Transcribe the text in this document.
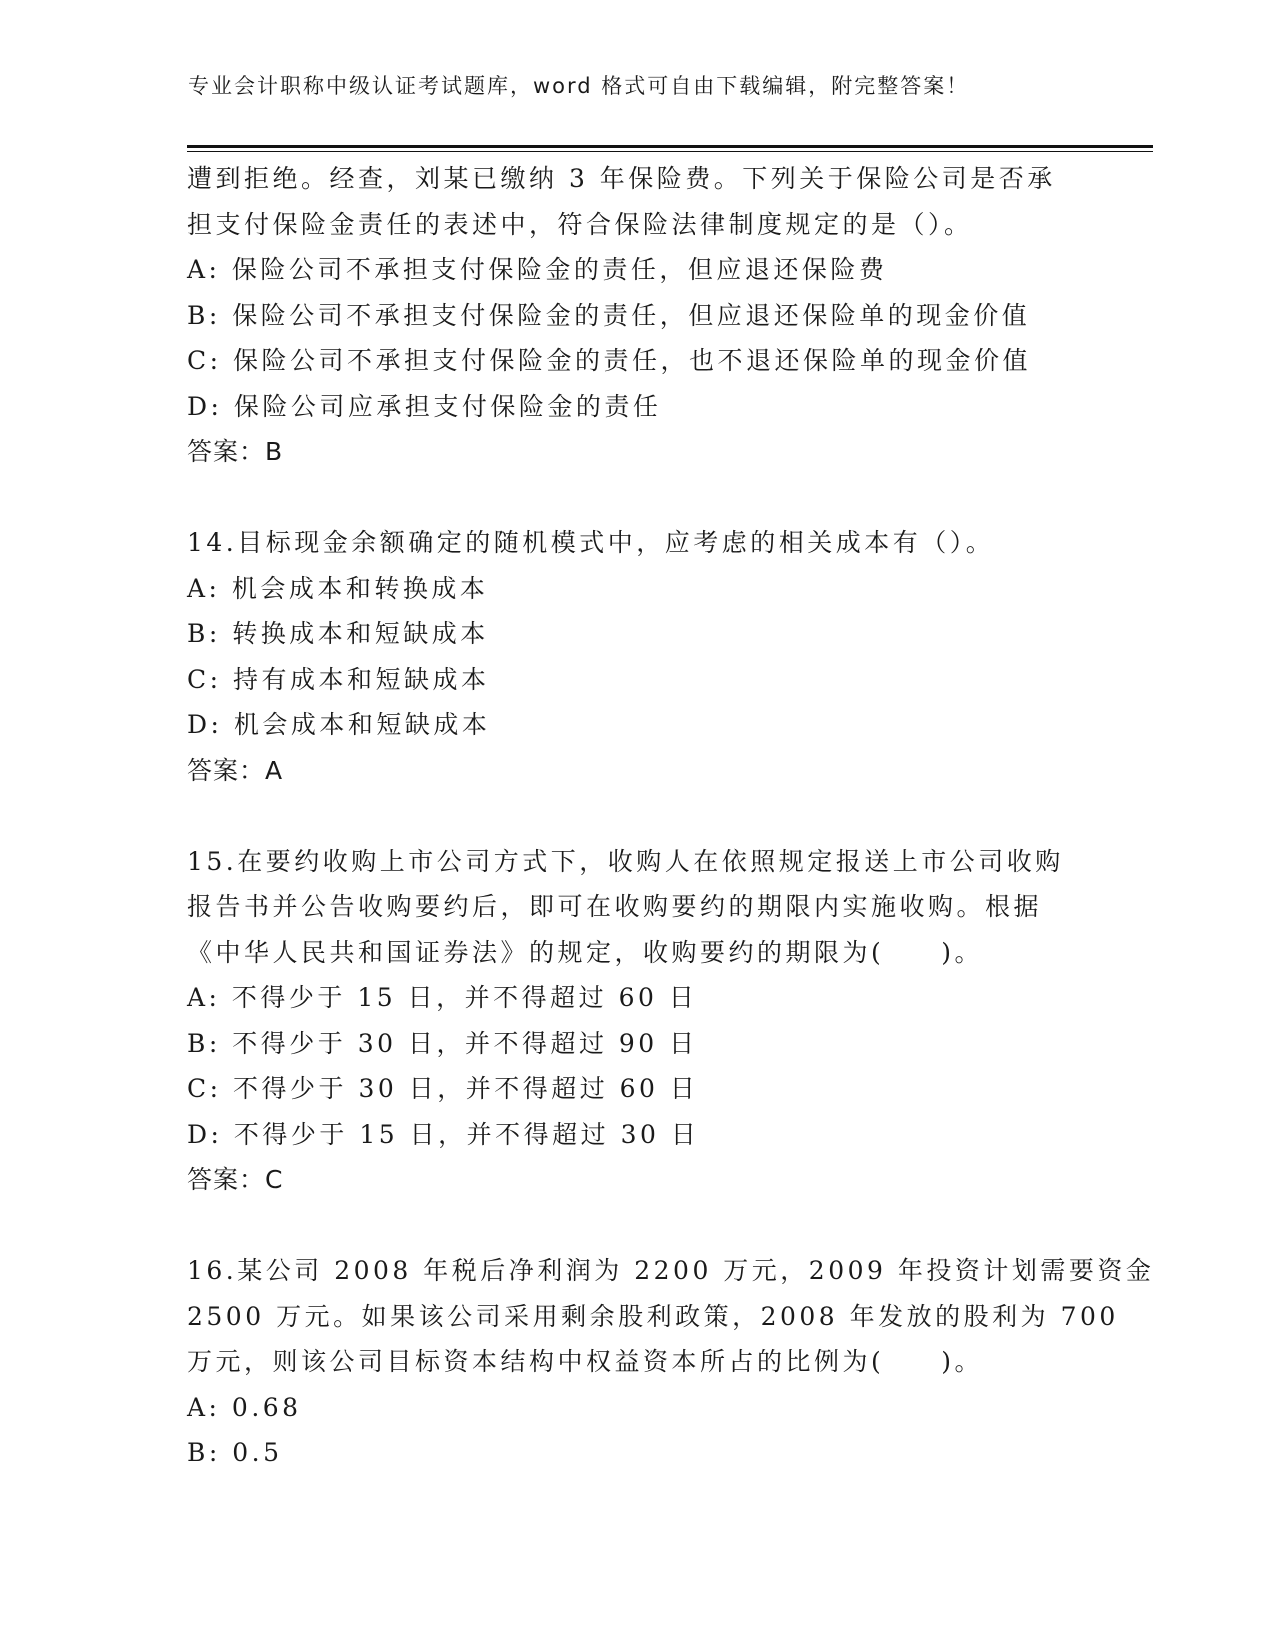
专业会计职称中级认证考试题库，word 格式可自由下载编辑，附完整答案！
遭到拒绝。经查，刘某已缴纳 3 年保险费。下列关于保险公司是否承
担支付保险金责任的表述中，符合保险法律制度规定的是（）。
A: 保险公司不承担支付保险金的责任，但应退还保险费
B: 保险公司不承担支付保险金的责任，但应退还保险单的现金价值
C: 保险公司不承担支付保险金的责任，也不退还保险单的现金价值
D: 保险公司应承担支付保险金的责任
答案：B
14.目标现金余额确定的随机模式中，应考虑的相关成本有（）。
A: 机会成本和转换成本
B: 转换成本和短缺成本
C: 持有成本和短缺成本
D: 机会成本和短缺成本
答案：A
15.在要约收购上市公司方式下，收购人在依照规定报送上市公司收购
报告书并公告收购要约后，即可在收购要约的期限内实施收购。根据
《中华人民共和国证券法》的规定，收购要约的期限为(　　)。
A: 不得少于 15 日，并不得超过 60 日
B: 不得少于 30 日，并不得超过 90 日
C: 不得少于 30 日，并不得超过 60 日
D: 不得少于 15 日，并不得超过 30 日
答案：C
16.某公司 2008 年税后净利润为 2200 万元，2009 年投资计划需要资金
2500 万元。如果该公司采用剩余股利政策，2008 年发放的股利为 700
万元，则该公司目标资本结构中权益资本所占的比例为(　　)。
A: 0.68
B: 0.5
